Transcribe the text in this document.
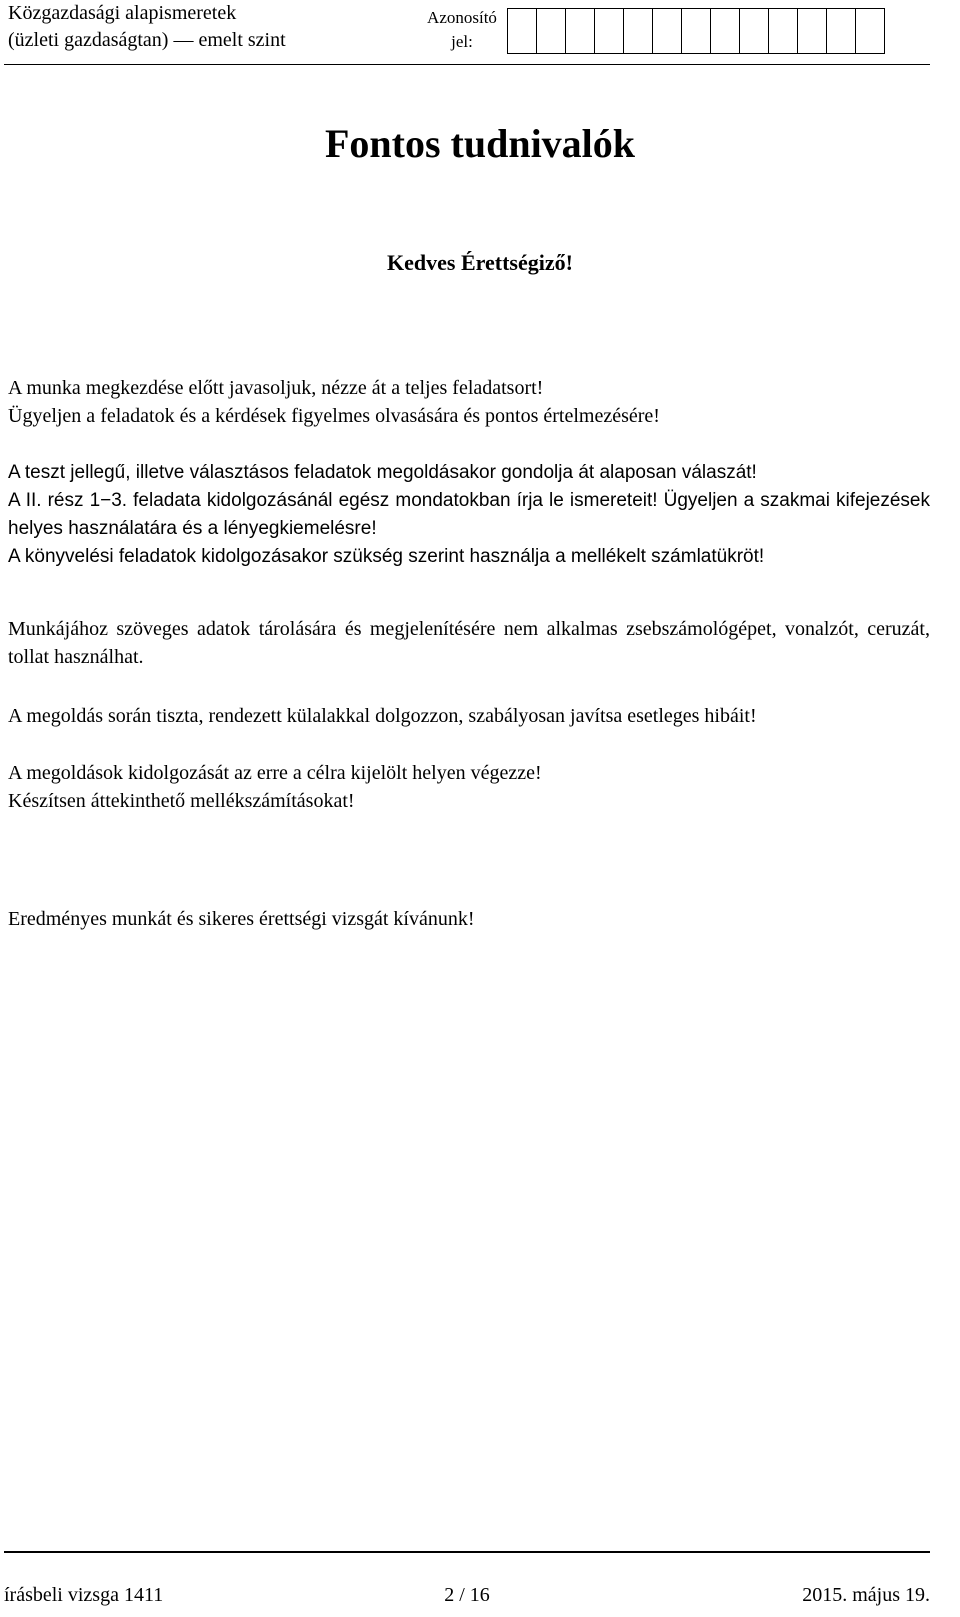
Közgazdasági alapismeretek
(üzleti gazdaságtan) — emelt szint
Azonosító
jel:
Fontos tudnivalók
Kedves Érettségiző!

A munka megkezdése előtt javasoljuk, nézze át a teljes feladatsort!

Ügyeljen a feladatok és a kérdések figyelmes olvasására és pontos értelmezésére!

A teszt jellegű, illetve választásos feladatok megoldásakor gondolja át alaposan válaszát!

A II. rész 1−3. feladata kidolgozásánál egész mondatokban írja le ismereteit! Ügyeljen a szakmai kifejezések helyes használatára és a lényegkiemelésre!

A könyvelési feladatok kidolgozásakor szükség szerint használja a mellékelt számlatükröt!

Munkájához szöveges adatok tárolására és megjelenítésére nem alkalmas zsebszámológépet, vonalzót, ceruzát, tollat használhat.

A megoldás során tiszta, rendezett külalakkal dolgozzon, szabályosan javítsa esetleges hibáit!

A megoldások kidolgozását az erre a célra kijelölt helyen végezze!

Készítsen áttekinthető mellékszámításokat!

Eredményes munkát és sikeres érettségi vizsgát kívánunk!

2 / 16
írásbeli vizsga 1411	2015. május 19.
